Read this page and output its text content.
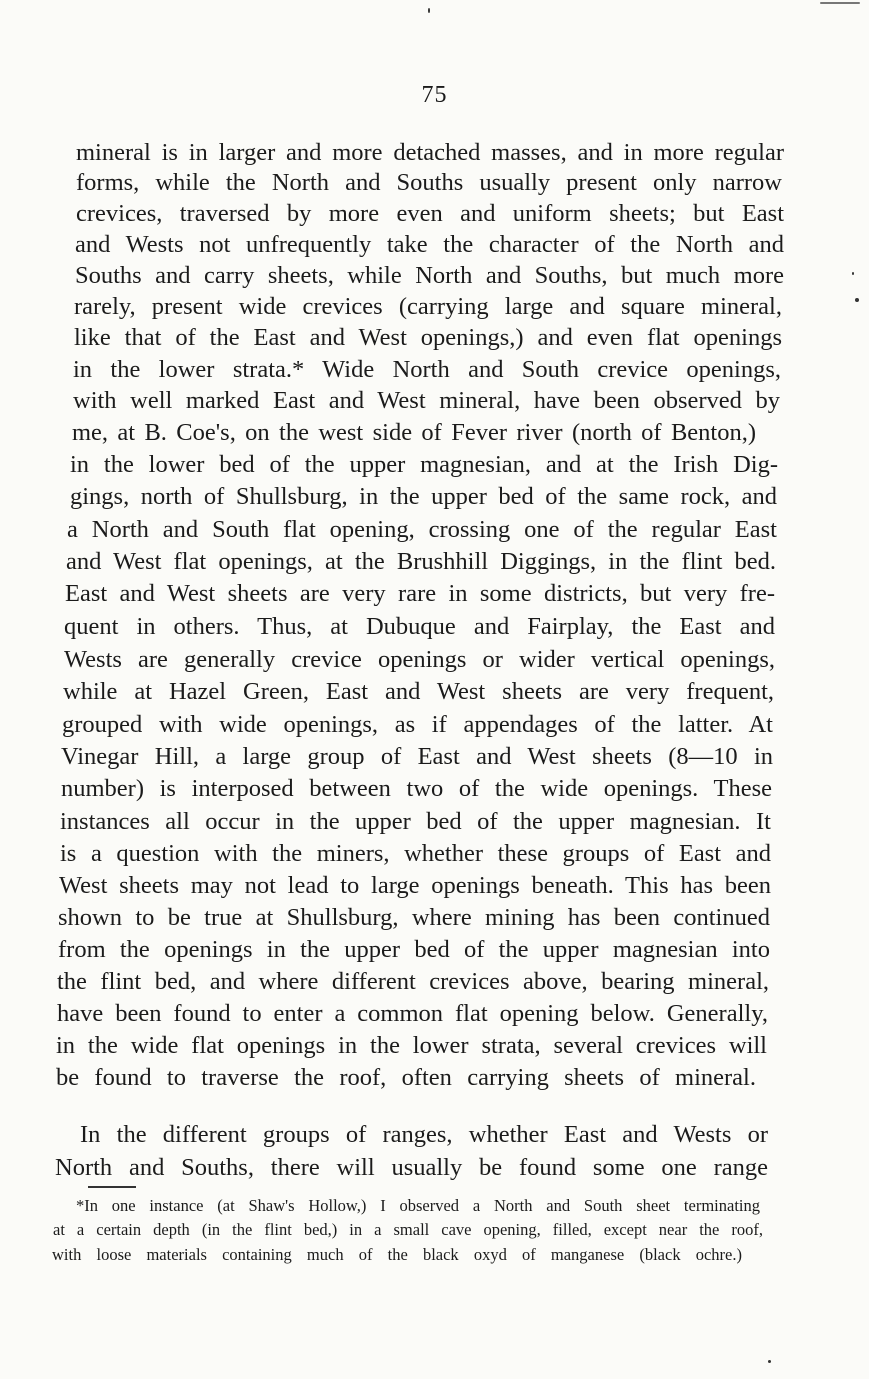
75
mineral is in larger and more detached masses, and in more regular
forms, while the North and Souths usually present only narrow
crevices, traversed by more even and uniform sheets; but East
and Wests not unfrequently take the character of the North and
Souths and carry sheets, while North and Souths, but much more
rarely, present wide crevices (carrying large and square mineral,
like that of the East and West openings,) and even flat openings
in the lower strata.* Wide North and South crevice openings,
with well marked East and West mineral, have been observed by
me, at B. Coe's, on the west side of Fever river (north of Benton,)
in the lower bed of the upper magnesian, and at the Irish Dig-
gings, north of Shullsburg, in the upper bed of the same rock, and
a North and South flat opening, crossing one of the regular East
and West flat openings, at the Brushhill Diggings, in the flint bed.
East and West sheets are very rare in some districts, but very fre-
quent in others. Thus, at Dubuque and Fairplay, the East and
Wests are generally crevice openings or wider vertical openings,
while at Hazel Green, East and West sheets are very frequent,
grouped with wide openings, as if appendages of the latter. At
Vinegar Hill, a large group of East and West sheets (8—10 in
number) is interposed between two of the wide openings. These
instances all occur in the upper bed of the upper magnesian. It
is a question with the miners, whether these groups of East and
West sheets may not lead to large openings beneath. This has been
shown to be true at Shullsburg, where mining has been continued
from the openings in the upper bed of the upper magnesian into
the flint bed, and where different crevices above, bearing mineral,
have been found to enter a common flat opening below. Generally,
in the wide flat openings in the lower strata, several crevices will
be found to traverse the roof, often carrying sheets of mineral.
In the different groups of ranges, whether East and Wests or
North and Souths, there will usually be found some one range
*In one instance (at Shaw's Hollow,) I observed a North and South sheet terminating
at a certain depth (in the flint bed,) in a small cave opening, filled, except near the roof,
with loose materials containing much of the black oxyd of manganese (black ochre.)
